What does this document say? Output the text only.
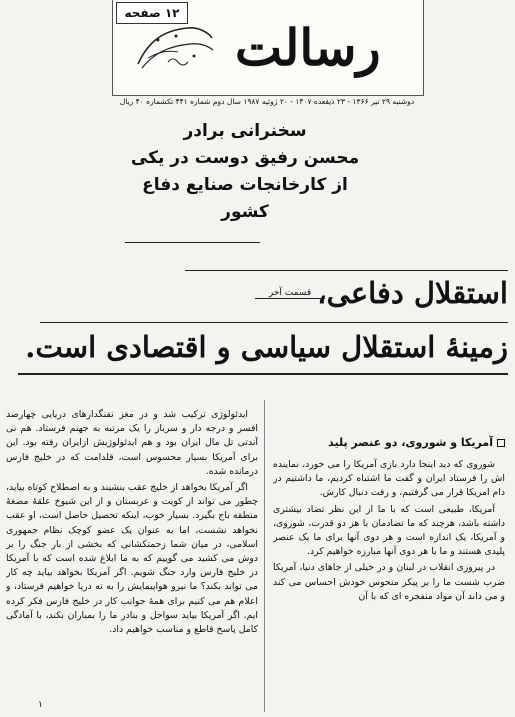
۱۲ صفحه
رسالت
دوشنبه ۲۹ تیر ۱۳۶۶ - ۲۳ ذیقعده ۱۴۰۷ - ۲۰ ژوئیه ۱۹۸۷ سال دوم شماره ۴۴۱ تکشماره ۴۰ ریال
سخنرانی برادر
محسن رفیق دوست در یکی
از کارخانجات صنایع دفاع
کشور
استقلال دفاعی،
قسمت آخر
زمینهٔ استقلال سیاسی و اقتصادی است.
آمریکا و شوروی، دو عنصر پلید

شوروی که دید اینجا دارد بازی آمریکا را می خورد، نماینده اش را فرستاد ایران و گفت ما اشتباه کردیم، ما داشتیم در دام امریکا قرار می گرفتیم، و رفت دنبال کارش.

آمریکا، طبیعی است که با ما از این نظر تضاد بیشتری داشته باشد، هرچند که ما تضادمان با هر دو قدرت، شوروی، و آمریکا، یک اندازه است و هر دوی آنها برای ما یک عنصر پلیدی هستند و ما با هر دوی آنها مبارزه خواهیم کرد.

در پیروزی انقلاب در لبنان و در خیلی از جاهای دنیا، آمریکا ضرب شست ما را بر پیکر منحوس خودش احساس می کند و می داند آن مواد منفجره ای که با آن

ایدئولوژی ترکیب شد و در مغز تفنگدارهای دریایی چهارصد افسر و درجه دار و سرباز را یک مرتبه به جهنم فرستاد. هم نی آندتی تل مال ایران بود و هم ایدئولوژیش ازایران رفته بود. این برای آمریکا بسیار محسوس است، قلدامت که در خلیج فارس درمانده شده.

اگر آمریکا بخواهد از خلیج عقب بنشیند و به اصطلاح کوتاه بیاید، چطور می تواند از کویت و عربستان و از این شیوخ علقهٔ مضغهٔ منطقه باج بگیرد. بسیار خوب، اینکه تحصیل حاصل است، او عقب نخواهد نشست، اما به عنوان یک عضو کوچک نظام جمهوری اسلامی، در میان شما زحمتکشانی که بخشی از بار جنگ را بر دوش می کشید می گوییم که به ما ابلاغ شده است که با آمریکا در خلیج فارس وارد جنگ شویم. اگر آمریکا بخواهد بیاید چه کار می تواند بکند؟ ما نیرو هواپیمایش را به ته دریا خواهیم فرستاد، و اعلام هم می کنیم برای همهٔ جوانب کار در خلیج فارس فکر کرده ایم. اگر آمریکا بیاید سواحل و بنادر ما را بمباران بکند، با آمادگی کامل پاسخ قاطع و مناسب خواهیم داد.

۱
